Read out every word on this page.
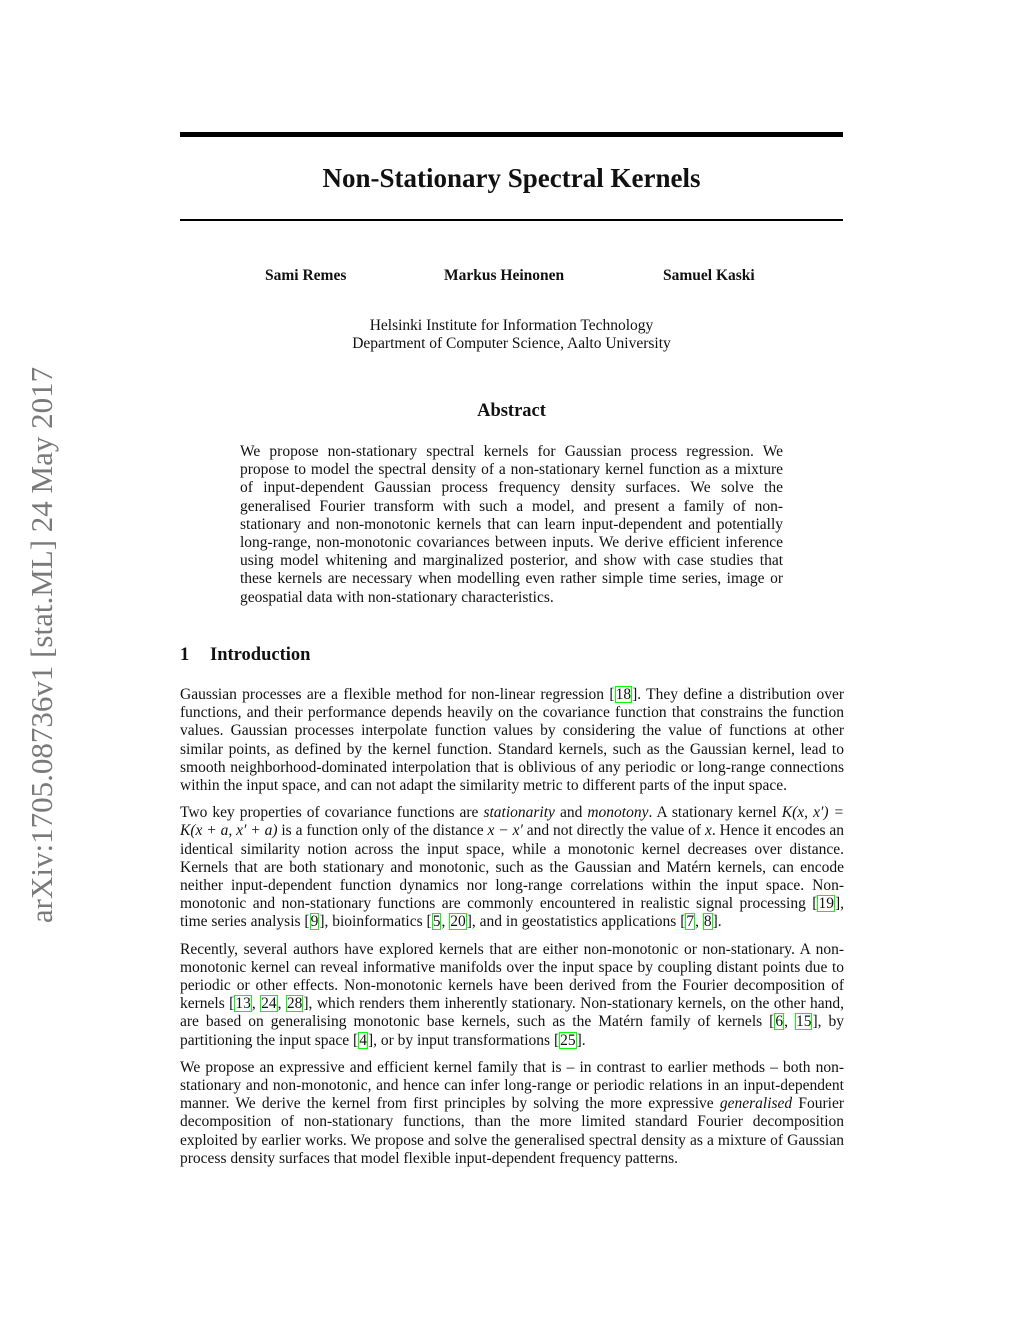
arXiv:1705.08736v1 [stat.ML] 24 May 2017
Non-Stationary Spectral Kernels
Sami Remes	Markus Heinonen	Samuel Kaski
Helsinki Institute for Information Technology
Department of Computer Science, Aalto University
Abstract
We propose non-stationary spectral kernels for Gaussian process regression. We propose to model the spectral density of a non-stationary kernel function as a mixture of input-dependent Gaussian process frequency density surfaces. We solve the generalised Fourier transform with such a model, and present a family of non-stationary and non-monotonic kernels that can learn input-dependent and potentially long-range, non-monotonic covariances between inputs. We derive efficient inference using model whitening and marginalized posterior, and show with case studies that these kernels are necessary when modelling even rather simple time series, image or geospatial data with non-stationary characteristics.
1 Introduction

Gaussian processes are a flexible method for non-linear regression [18]. They define a distribution over functions, and their performance depends heavily on the covariance function that constrains the function values. Gaussian processes interpolate function values by considering the value of functions at other similar points, as defined by the kernel function. Standard kernels, such as the Gaussian kernel, lead to smooth neighborhood-dominated interpolation that is oblivious of any periodic or long-range connections within the input space, and can not adapt the similarity metric to different parts of the input space.

Two key properties of covariance functions are stationarity and monotony. A stationary kernel K(x, x′) = K(x + a, x′ + a) is a function only of the distance x − x′ and not directly the value of x. Hence it encodes an identical similarity notion across the input space, while a monotonic kernel decreases over distance. Kernels that are both stationary and monotonic, such as the Gaussian and Matérn kernels, can encode neither input-dependent function dynamics nor long-range correlations within the input space. Non-monotonic and non-stationary functions are commonly encountered in realistic signal processing [19], time series analysis [9], bioinformatics [5, 20], and in geostatistics applications [7, 8].

Recently, several authors have explored kernels that are either non-monotonic or non-stationary. A non-monotonic kernel can reveal informative manifolds over the input space by coupling distant points due to periodic or other effects. Non-monotonic kernels have been derived from the Fourier decomposition of kernels [13, 24, 28], which renders them inherently stationary. Non-stationary kernels, on the other hand, are based on generalising monotonic base kernels, such as the Matérn family of kernels [6, 15], by partitioning the input space [4], or by input transformations [25].

We propose an expressive and efficient kernel family that is – in contrast to earlier methods – both non-stationary and non-monotonic, and hence can infer long-range or periodic relations in an input-dependent manner. We derive the kernel from first principles by solving the more expressive generalised Fourier decomposition of non-stationary functions, than the more limited standard Fourier decomposition exploited by earlier works. We propose and solve the generalised spectral density as a mixture of Gaussian process density surfaces that model flexible input-dependent frequency patterns.
